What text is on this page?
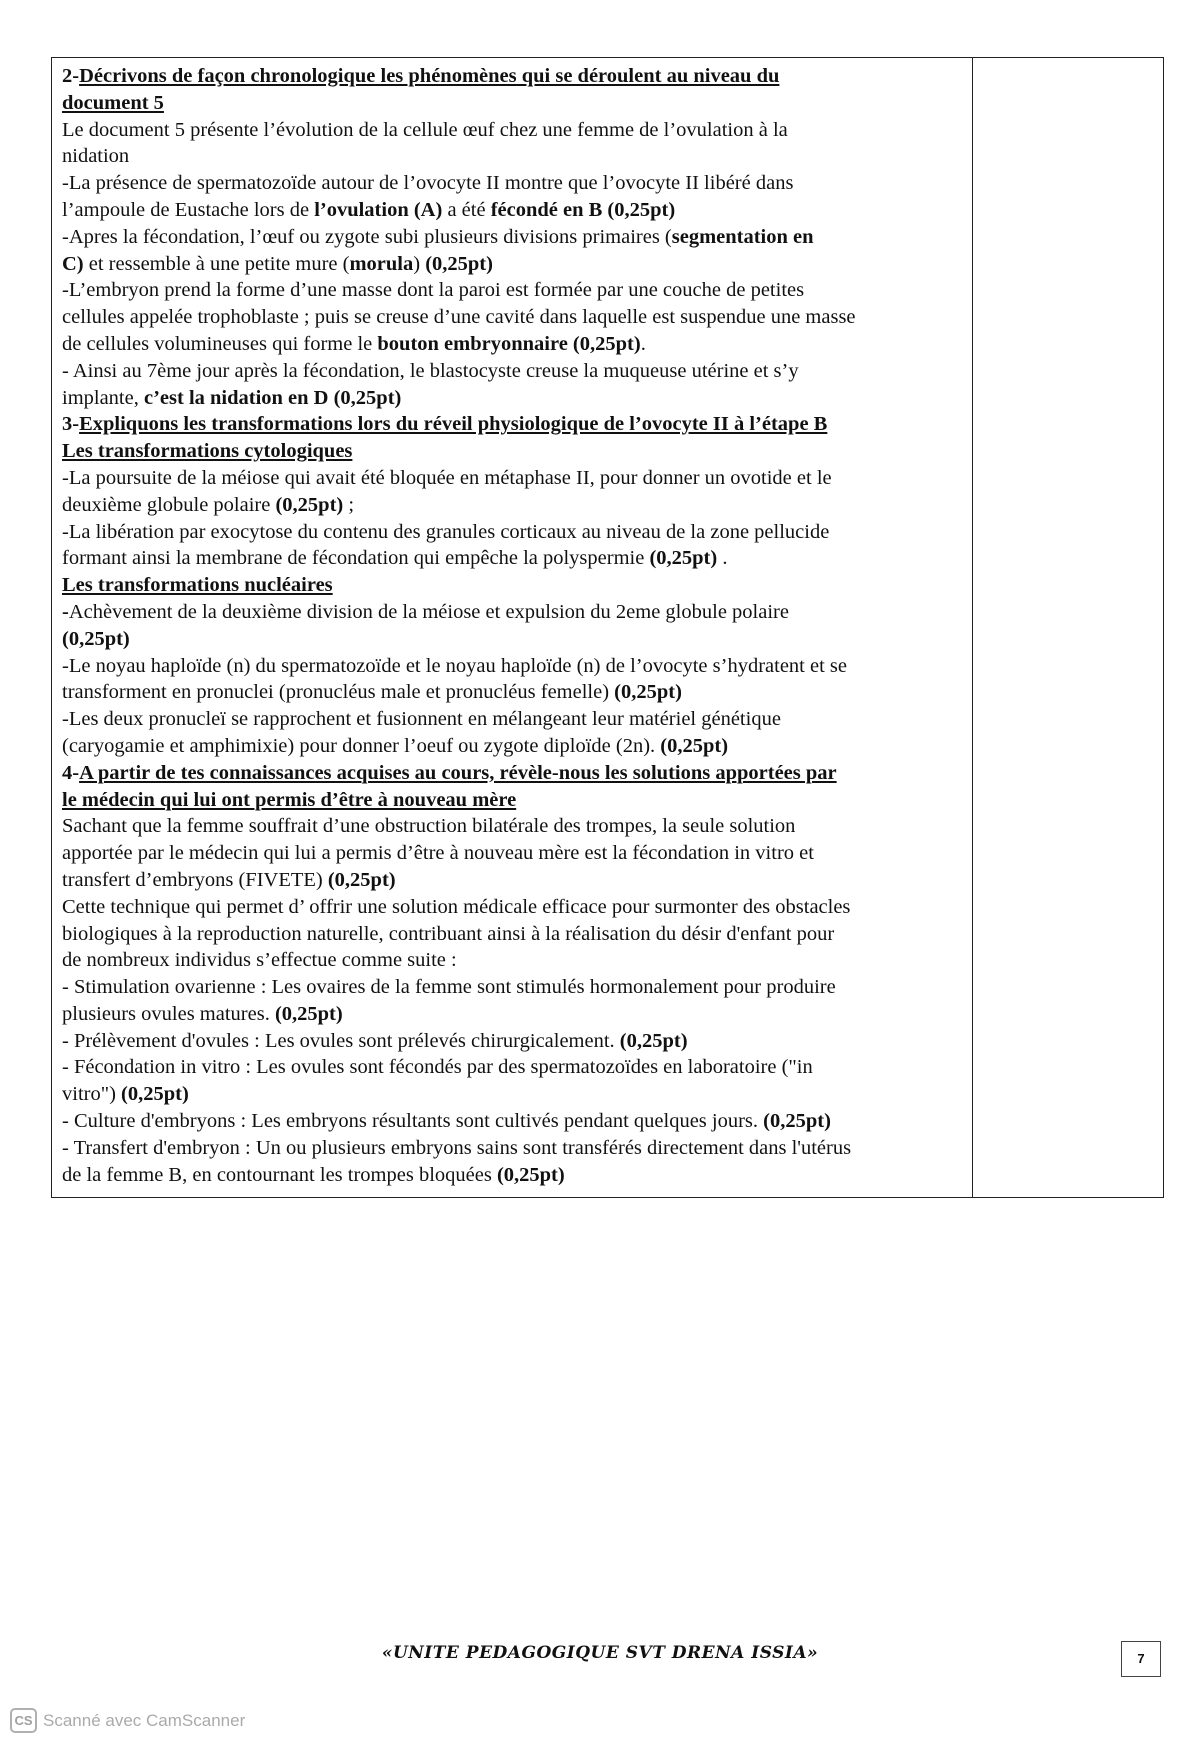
2-Décrivons de façon chronologique les phénomènes qui se déroulent au niveau du
document 5
Le document 5 présente l’évolution de la cellule œuf chez une femme de l’ovulation à la
nidation
-La présence de spermatozoïde autour de l’ovocyte II montre que l’ovocyte II libéré dans
l’ampoule de Eustache lors de l’ovulation (A) a été fécondé en B (0,25pt)
-Apres la fécondation, l’œuf ou zygote subi plusieurs divisions primaires (segmentation en
C) et ressemble à une petite mure (morula) (0,25pt)
-L’embryon prend la forme d’une masse dont la paroi est formée par une couche de petites
cellules appelée trophoblaste ; puis se creuse d’une cavité dans laquelle est suspendue une masse
de cellules volumineuses qui forme le bouton embryonnaire (0,25pt).
- Ainsi au 7ème jour après la fécondation, le blastocyste creuse la muqueuse utérine et s’y
implante, c’est la nidation en D (0,25pt)
3-Expliquons les transformations lors du réveil physiologique de l’ovocyte II à l’étape B
Les transformations cytologiques
-La poursuite de la méiose qui avait été bloquée en métaphase II, pour donner un ovotide et le
deuxième globule polaire (0,25pt) ;
-La libération par exocytose du contenu des granules corticaux au niveau de la zone pellucide
formant ainsi la membrane de fécondation qui empêche la polyspermie (0,25pt) .
Les transformations nucléaires
-Achèvement de la deuxième division de la méiose et expulsion du 2eme globule polaire
(0,25pt)
-Le noyau haploïde (n) du spermatozoïde et le noyau haploïde (n) de l’ovocyte s’hydratent et se
transforment en pronuclei (pronucléus male et pronucléus femelle) (0,25pt)
-Les deux pronucleï se rapprochent et fusionnent en mélangeant leur matériel génétique
(caryogamie et amphimixie) pour donner l’oeuf ou zygote diploïde (2n). (0,25pt)
4-A partir de tes connaissances acquises au cours, révèle-nous les solutions apportées par
le médecin qui lui ont permis d’être à nouveau mère
Sachant que la femme souffrait d’une obstruction bilatérale des trompes, la seule solution
apportée par le médecin qui lui a permis d’être à nouveau mère est la fécondation in vitro et
transfert d’embryons (FIVETE) (0,25pt)
Cette technique qui permet d’ offrir une solution médicale efficace pour surmonter des obstacles
biologiques à la reproduction naturelle, contribuant ainsi à la réalisation du désir d'enfant pour
de nombreux individus s’effectue comme suite :
- Stimulation ovarienne : Les ovaires de la femme sont stimulés hormonalement pour produire
plusieurs ovules matures. (0,25pt)
- Prélèvement d'ovules : Les ovules sont prélevés chirurgicalement. (0,25pt)
- Fécondation in vitro : Les ovules sont fécondés par des spermatozoïdes en laboratoire ("in
vitro") (0,25pt)
- Culture d'embryons : Les embryons résultants sont cultivés pendant quelques jours. (0,25pt)
- Transfert d'embryon : Un ou plusieurs embryons sains sont transférés directement dans l'utérus
de la femme B, en contournant les trompes bloquées (0,25pt)
«UNITE PEDAGOGIQUE SVT DRENA ISSIA»	7
CS Scanné avec CamScanner
